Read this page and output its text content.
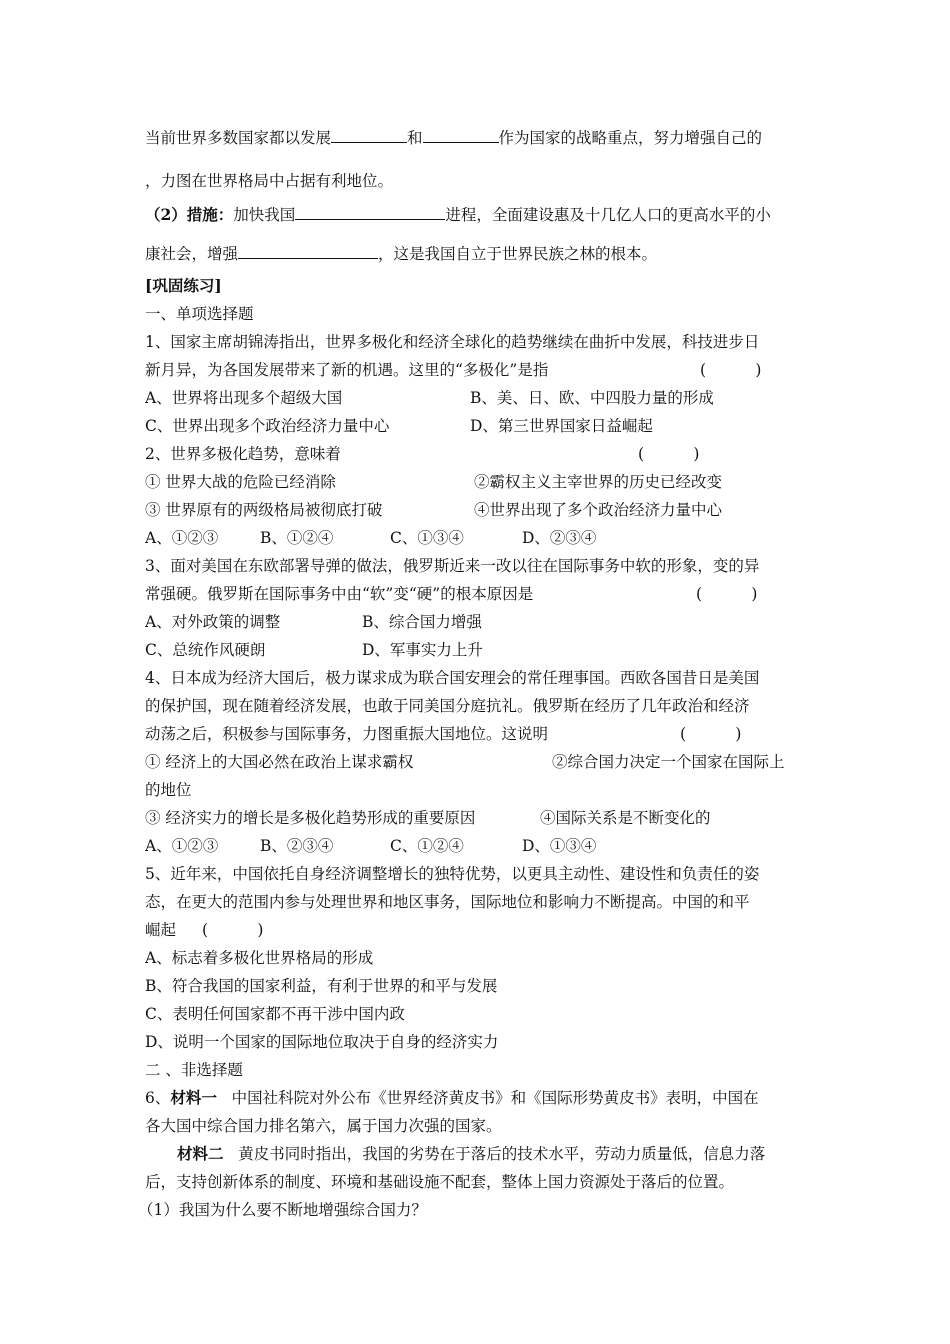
当前世界多数国家都以发展	和	作为国家的战略重点，努力增强自己的
，力图在世界格局中占据有利地位。
（2）措施：加快我国	进程，全面建设惠及十几亿人口的更高水平的小
康社会，增强	，这是我国自立于世界民族之林的根本。
[巩固练习]
一、单项选择题
1、国家主席胡锦涛指出，世界多极化和经济全球化的趋势继续在曲折中发展，科技进步日
新月异，为各国发展带来了新的机遇。这里的“多极化”是指	(          )
A、世界将出现多个超级大国	B、美、日、欧、中四股力量的形成
C、世界出现多个政治经济力量中心	D、第三世界国家日益崛起
2、世界多极化趋势，意味着	(          )
① 世界大战的危险已经消除	②霸权主义主宰世界的历史已经改变
③ 世界原有的两级格局被彻底打破	④世界出现了多个政治经济力量中心
A、①②③	B、①②④	C、①③④	D、②③④
3、面对美国在东欧部署导弹的做法，俄罗斯近来一改以往在国际事务中软的形象，变的异
常强硬。俄罗斯在国际事务中由“软”变“硬”的根本原因是	(          )
A、对外政策的调整	B、综合国力增强
C、总统作风硬朗	D、军事实力上升
4、日本成为经济大国后，极力谋求成为联合国安理会的常任理事国。西欧各国昔日是美国
的保护国，现在随着经济发展，也敢于同美国分庭抗礼。俄罗斯在经历了几年政治和经济
动荡之后，积极参与国际事务，力图重振大国地位。这说明	(          )
① 经济上的大国必然在政治上谋求霸权	②综合国力决定一个国家在国际上
的地位
③ 经济实力的增长是多极化趋势形成的重要原因	④国际关系是不断变化的
A、①②③	B、②③④	C、①②④	D、①③④
5、近年来，中国依托自身经济调整增长的独特优势，以更具主动性、建设性和负责任的姿
态，在更大的范围内参与处理世界和地区事务，国际地位和影响力不断提高。中国的和平
崛起 (          )
A、标志着多极化世界格局的形成
B、符合我国的国家利益，有利于世界的和平与发展
C、表明任何国家都不再干涉中国内政
D、说明一个国家的国际地位取决于自身的经济实力
二 、非选择题
6、材料一 中国社科院对外公布《世界经济黄皮书》和《国际形势黄皮书》表明，中国在
各大国中综合国力排名第六，属于国力次强的国家。
材料二 黄皮书同时指出，我国的劣势在于落后的技术水平，劳动力质量低，信息力落
后，支持创新体系的制度、环境和基础设施不配套，整体上国力资源处于落后的位置。
（1）我国为什么要不断地增强综合国力？
